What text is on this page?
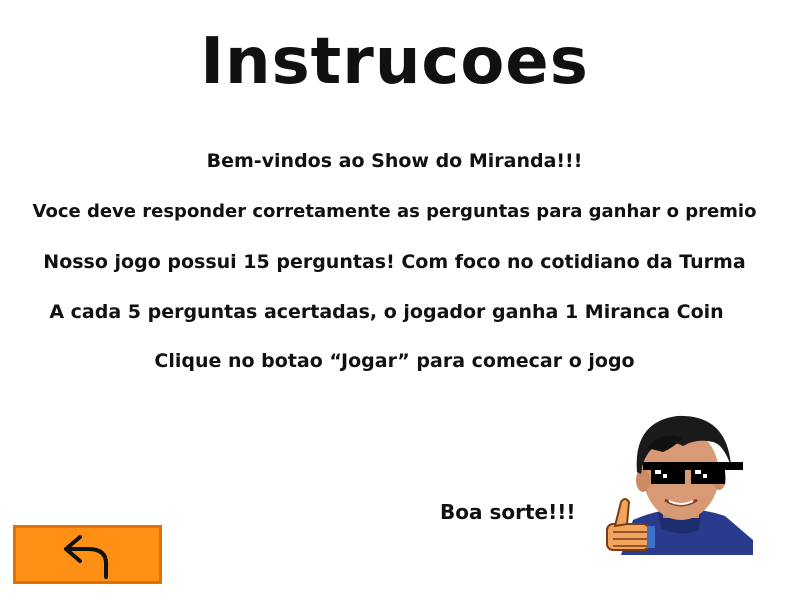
Instrucoes
Bem-vindos ao Show do Miranda!!!
Voce deve responder corretamente as perguntas para ganhar o premio
Nosso jogo possui 15 perguntas! Com foco no cotidiano da Turma
A cada 5 perguntas acertadas, o jogador ganha 1 Miranca Coin
Clique no botao “Jogar” para comecar o jogo
Boa sorte!!!
